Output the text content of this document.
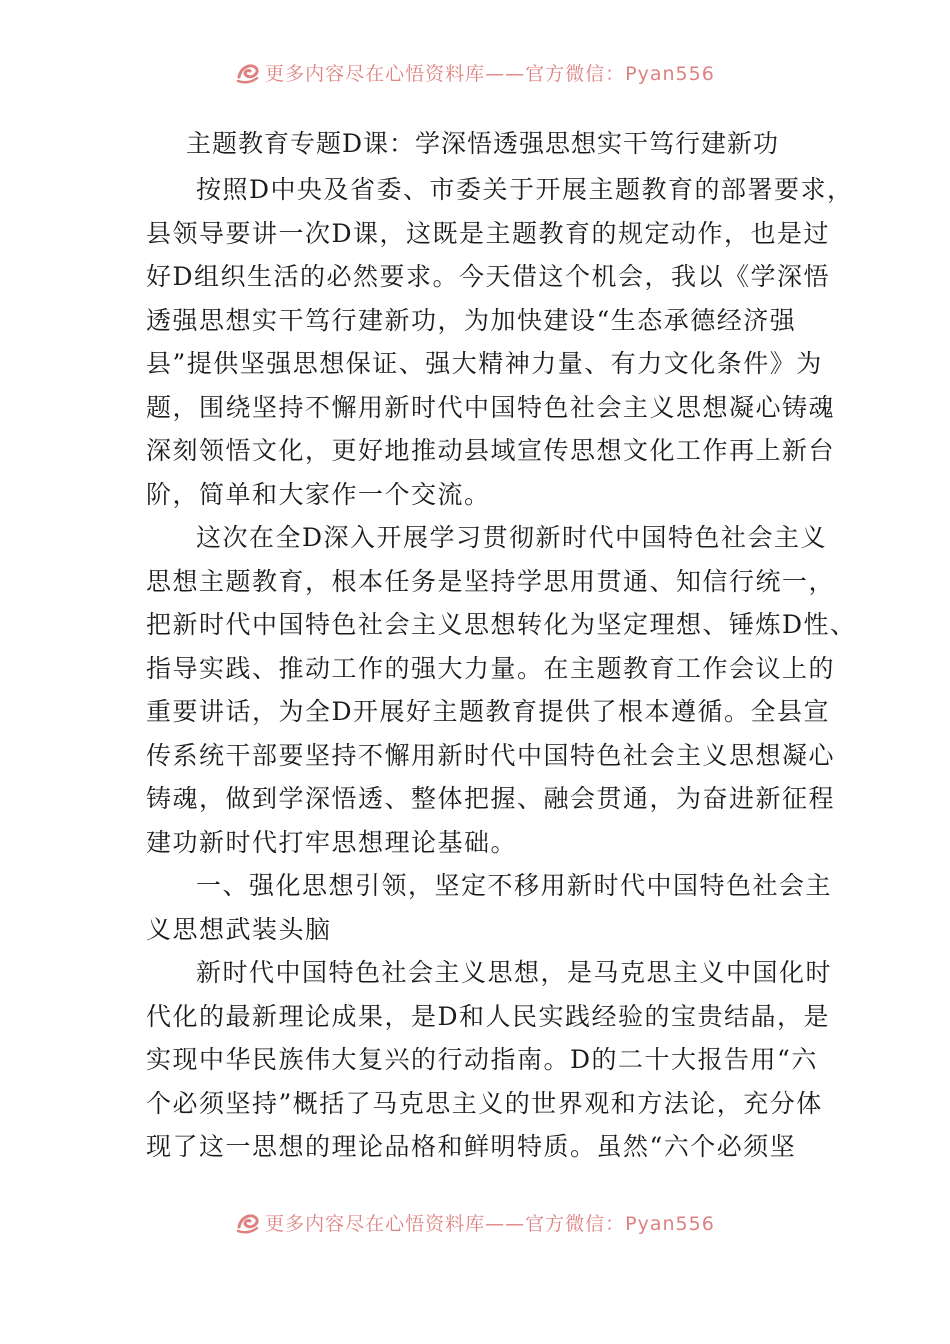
更多内容尽在心悟资料库——官方微信：Pyan556
主题教育专题D课：学深悟透强思想实干笃行建新功
按照D中央及省委、市委关于开展主题教育的部署要求，
县领导要讲一次D课，这既是主题教育的规定动作，也是过
好D组织生活的必然要求。今天借这个机会，我以《学深悟
透强思想实干笃行建新功，为加快建设“生态承德经济强
县”提供坚强思想保证、强大精神力量、有力文化条件》为
题，围绕坚持不懈用新时代中国特色社会主义思想凝心铸魂
深刻领悟文化，更好地推动县域宣传思想文化工作再上新台
阶，简单和大家作一个交流。
这次在全D深入开展学习贯彻新时代中国特色社会主义
思想主题教育，根本任务是坚持学思用贯通、知信行统一，
把新时代中国特色社会主义思想转化为坚定理想、锤炼D性、
指导实践、推动工作的强大力量。在主题教育工作会议上的
重要讲话，为全D开展好主题教育提供了根本遵循。全县宣
传系统干部要坚持不懈用新时代中国特色社会主义思想凝心
铸魂，做到学深悟透、整体把握、融会贯通，为奋进新征程
建功新时代打牢思想理论基础。
一、强化思想引领，坚定不移用新时代中国特色社会主
义思想武装头脑
新时代中国特色社会主义思想，是马克思主义中国化时
代化的最新理论成果，是D和人民实践经验的宝贵结晶，是
实现中华民族伟大复兴的行动指南。D的二十大报告用“六
个必须坚持”概括了马克思主义的世界观和方法论，充分体
现了这一思想的理论品格和鲜明特质。虽然“六个必须坚
更多内容尽在心悟资料库——官方微信：Pyan556
